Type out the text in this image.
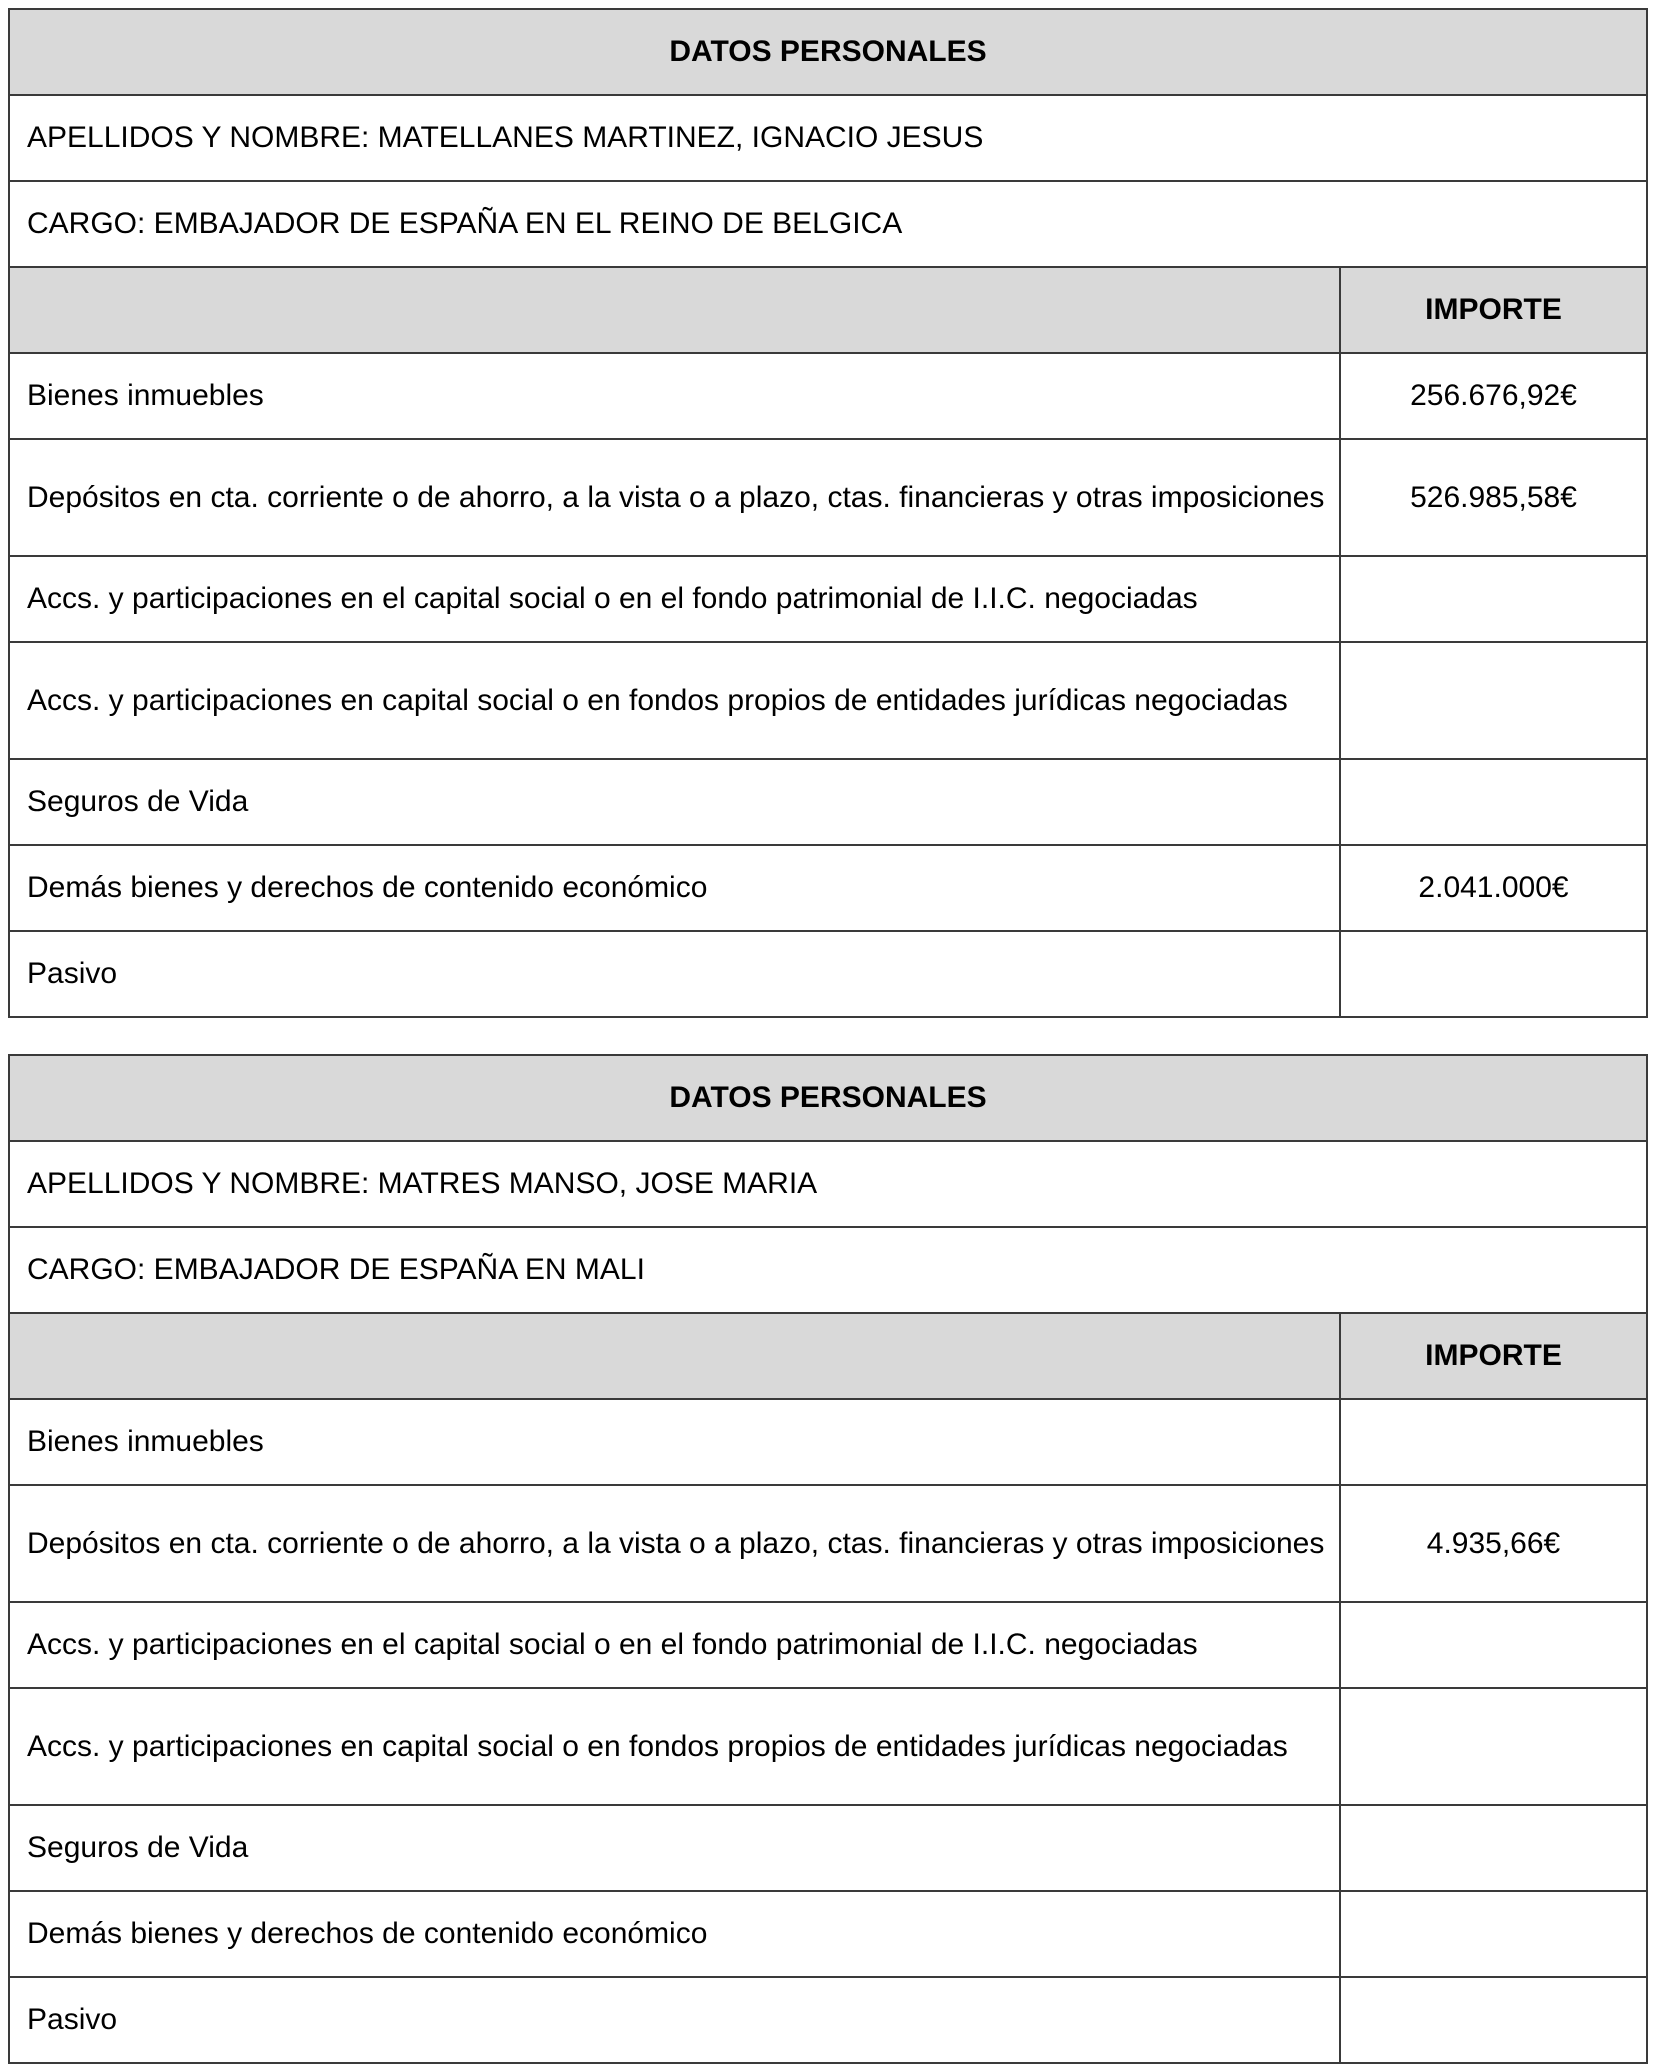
DATOS PERSONALES	
APELLIDOS Y NOMBRE: MATELLANES MARTINEZ, IGNACIO JESUS	
CARGO: EMBAJADOR DE ESPAÑA EN EL REINO DE BELGICA	
	IMPORTE
Bienes inmuebles	256.676,92€
Depósitos en cta. corriente o de ahorro, a la vista o a plazo, ctas. financieras y otras imposiciones	526.985,58€
Accs. y participaciones en el capital social o en el fondo patrimonial de I.I.C. negociadas	
Accs. y participaciones en capital social o en fondos propios de entidades jurídicas negociadas	
Seguros de Vida	
Demás bienes y derechos de contenido económico	2.041.000€
Pasivo	
DATOS PERSONALES	
APELLIDOS Y NOMBRE: MATRES MANSO, JOSE MARIA	
CARGO: EMBAJADOR DE ESPAÑA EN MALI	
	IMPORTE
Bienes inmuebles	
Depósitos en cta. corriente o de ahorro, a la vista o a plazo, ctas. financieras y otras imposiciones	4.935,66€
Accs. y participaciones en el capital social o en el fondo patrimonial de I.I.C. negociadas	
Accs. y participaciones en capital social o en fondos propios de entidades jurídicas negociadas	
Seguros de Vida	
Demás bienes y derechos de contenido económico	
Pasivo	
